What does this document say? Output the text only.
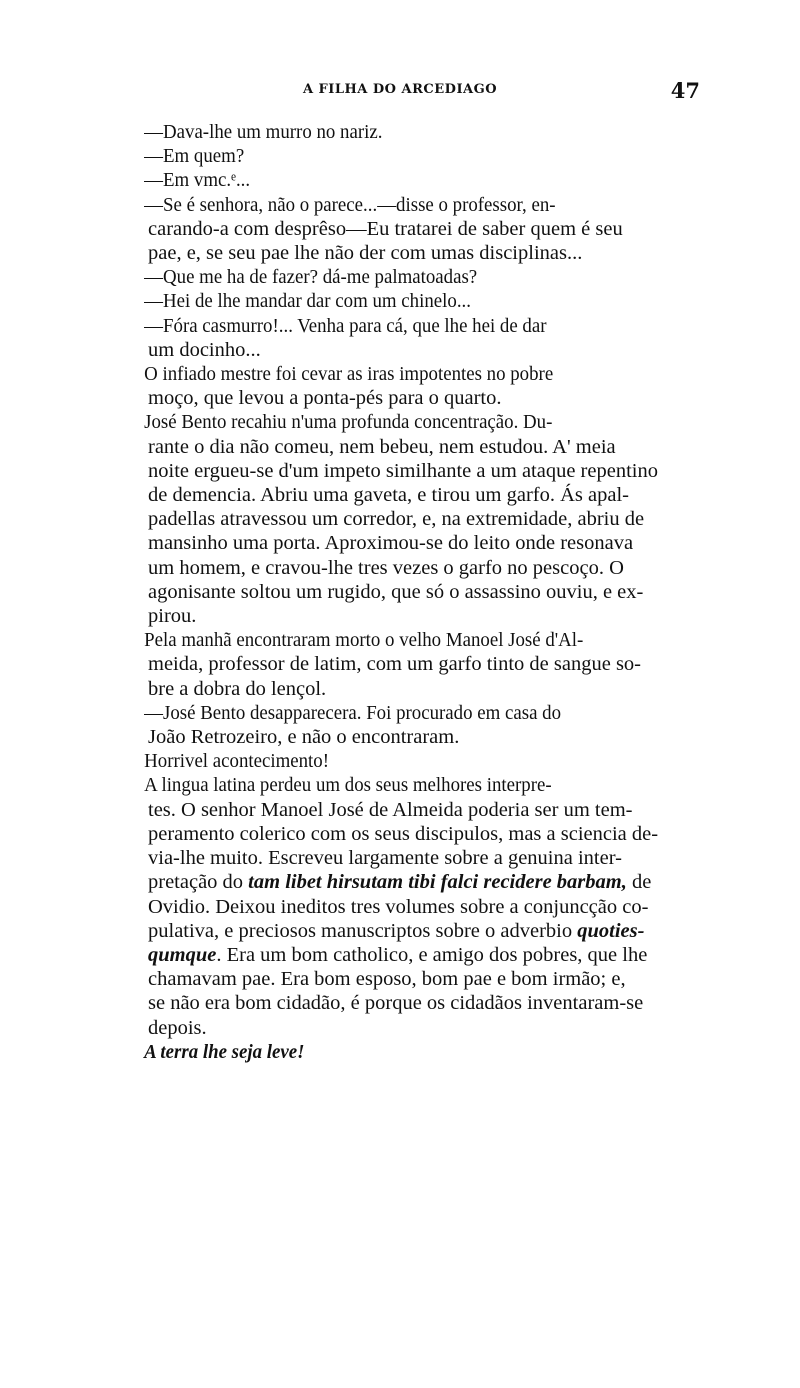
A FILHA DO ARCEDIAGO	47
—Dava-lhe um murro no nariz.
—Em quem?
—Em vmc.ᵉ...
—Se é senhora, não o parece...—disse o professor, en-
carando-a com desprêso—Eu tratarei de saber quem é seu
pae, e, se seu pae lhe não der com umas disciplinas...
—Que me ha de fazer? dá-me palmatoadas?
—Hei de lhe mandar dar com um chinelo...
—Fóra casmurro!... Venha para cá, que lhe hei de dar
um docinho...
O infiado mestre foi cevar as iras impotentes no pobre
moço, que levou a ponta-pés para o quarto.
José Bento recahiu n'uma profunda concentração. Du-
rante o dia não comeu, nem bebeu, nem estudou. A' meia
noite ergueu-se d'um impeto similhante a um ataque repentino
de demencia. Abriu uma gaveta, e tirou um garfo. Ás apal-
padellas atravessou um corredor, e, na extremidade, abriu de
mansinho uma porta. Aproximou-se do leito onde resonava
um homem, e cravou-lhe tres vezes o garfo no pescoço. O
agonisante soltou um rugido, que só o assassino ouviu, e ex-
pirou.
Pela manhã encontraram morto o velho Manoel José d'Al-
meida, professor de latim, com um garfo tinto de sangue so-
bre a dobra do lençol.
—José Bento desapparecera. Foi procurado em casa do
João Retrozeiro, e não o encontraram.
Horrivel acontecimento!
A lingua latina perdeu um dos seus melhores interpre-
tes. O senhor Manoel José de Almeida poderia ser um tem-
peramento colerico com os seus discipulos, mas a sciencia de-
via-lhe muito. Escreveu largamente sobre a genuina inter-
pretação do tam libet hirsutam tibi falci recidere barbam, de
Ovidio. Deixou ineditos tres volumes sobre a conjuncção co-
pulativa, e preciosos manuscriptos sobre o adverbio quoties-
qumque. Era um bom catholico, e amigo dos pobres, que lhe
chamavam pae. Era bom esposo, bom pae e bom irmão; e,
se não era bom cidadão, é porque os cidadãos inventaram-se
depois.
A terra lhe seja leve!
